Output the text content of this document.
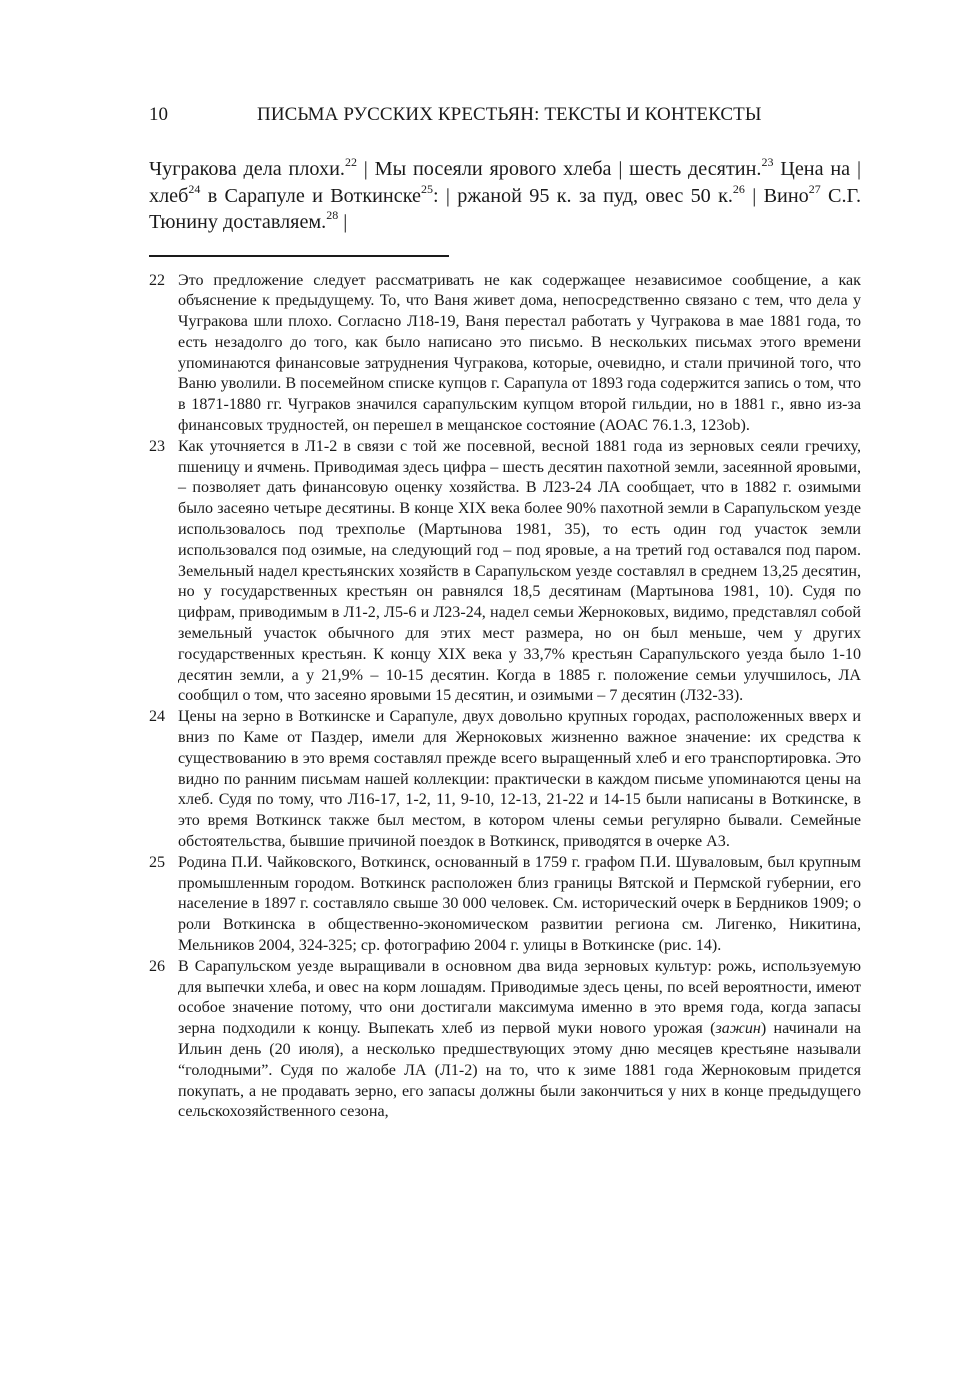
10	ПИСЬМА РУССКИХ КРЕСТЬЯН: ТЕКСТЫ И КОНТЕКСТЫ
Чугракова дела плохи.$^{22}$ | Мы посеяли ярового хлеба | шесть десятин.$^{23}$ Цена на | хлеб$^{24}$ в Сарапуле и Воткинске$^{25}$: | ржаной 95 к. за пуд, овес 50 к.$^{26}$ | Вино$^{27}$ С.Г. Тюнину доставляем.$^{28}$ |
22 Это предложение следует рассматривать не как содержащее независимое сообщение, а как объяснение к предыдущему. То, что Ваня живет дома, непосредственно связано с тем, что дела у Чугракова шли плохо. Согласно Л18-19, Ваня перестал работать у Чугракова в мае 1881 года, то есть незадолго до того, как было написано это письмо. В нескольких письмах этого времени упоминаются финансовые затруднения Чугракова, которые, очевидно, и стали причиной того, что Ваню уволили. В посемейном списке купцов г. Сарапула от 1893 года содержится запись о том, что в 1871-1880 гг. Чуграков значился сарапульским купцом второй гильдии, но в 1881 г., явно из-за финансовых трудностей, он перешел в мещанское состояние (АОАС 76.1.3, 123ob).
23 Как уточняется в Л1-2 в связи с той же посевной, весной 1881 года из зерновых сеяли гречиху, пшеницу и ячмень. Приводимая здесь цифра – шесть десятин пахотной земли, засеянной яровыми, – позволяет дать финансовую оценку хозяйства. В Л23-24 ЛА сообщает, что в 1882 г. озимыми было засеяно четыре десятины. В конце XIX века более 90% пахотной земли в Сарапульском уезде использовалось под трехполье (Мартынова 1981, 35), то есть один год участок земли использовался под озимые, на следующий год – под яровые, а на третий год оставался под паром. Земельный надел крестьянских хозяйств в Сарапульском уезде составлял в среднем 13,25 десятин, но у государственных крестьян он равнялся 18,5 десятинам (Мартынова 1981, 10). Судя по цифрам, приводимым в Л1-2, Л5-6 и Л23-24, надел семьи Жерноковых, видимо, представлял собой земельный участок обычного для этих мест размера, но он был меньше, чем у других государственных крестьян. К концу XIX века у 33,7% крестьян Сарапульского уезда было 1-10 десятин земли, а у 21,9% – 10-15 десятин. Когда в 1885 г. положение семьи улучшилось, ЛА сообщил о том, что засеяно яровыми 15 десятин, и озимыми – 7 десятин (Л32-33).
24 Цены на зерно в Воткинске и Сарапуле, двух довольно крупных городах, расположенных вверх и вниз по Каме от Паздер, имели для Жерноковых жизненно важное значение: их средства к существованию в это время составлял прежде всего выращенный хлеб и его транспортировка. Это видно по ранним письмам нашей коллекции: практически в каждом письме упоминаются цены на хлеб. Судя по тому, что Л16-17, 1-2, 11, 9-10, 12-13, 21-22 и 14-15 были написаны в Воткинске, в это время Воткинск также был местом, в котором члены семьи регулярно бывали. Семейные обстоятельства, бывшие причиной поездок в Воткинск, приводятся в очерке А3.
25 Родина П.И. Чайковского, Воткинск, основанный в 1759 г. графом П.И. Шуваловым, был крупным промышленным городом. Воткинск расположен близ границы Вятской и Пермской губернии, его население в 1897 г. составляло свыше 30 000 человек. См. исторический очерк в Бердников 1909; о роли Воткинска в общественно-экономическом развитии региона см. Лигенко, Никитина, Мельников 2004, 324-325; ср. фотографию 2004 г. улицы в Воткинске (рис. 14).
26 В Сарапульском уезде выращивали в основном два вида зерновых культур: рожь, используемую для выпечки хлеба, и овес на корм лошадям. Приводимые здесь цены, по всей вероятности, имеют особое значение потому, что они достигали максимума именно в это время года, когда запасы зерна подходили к концу. Выпекать хлеб из первой муки нового урожая (зажин) начинали на Ильин день (20 июля), а несколько предшествующих этому дню месяцев крестьяне называли “голодными”. Судя по жалобе ЛА (Л1-2) на то, что к зиме 1881 года Жерноковым придется покупать, а не продавать зерно, его запасы должны были закончиться у них в конце предыдущего сельскохозяйственного сезона,
